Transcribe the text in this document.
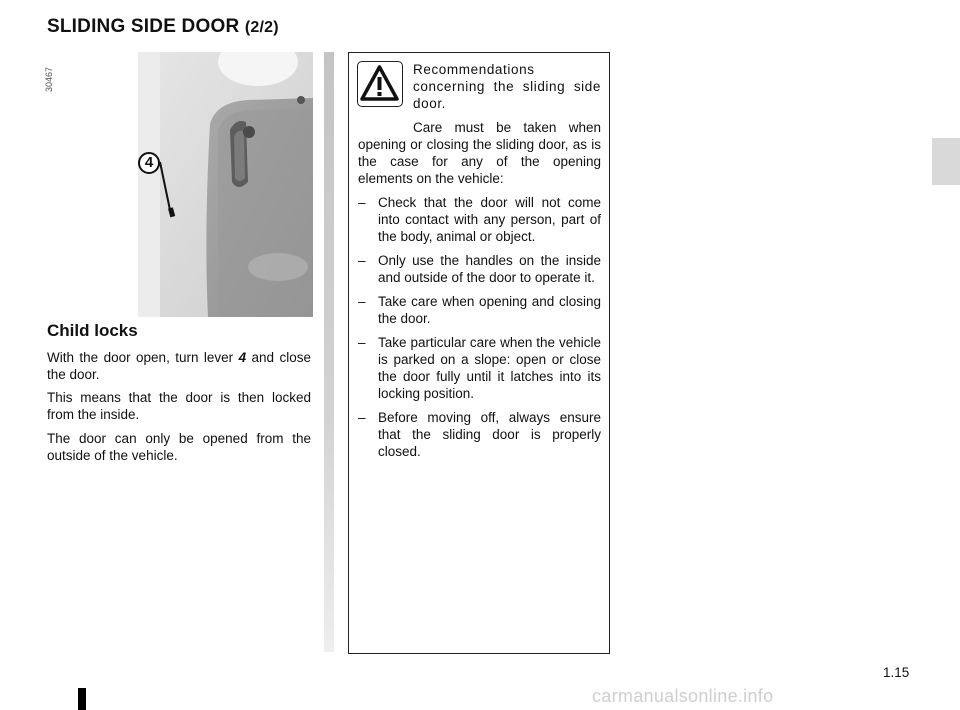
SLIDING SIDE DOOR (2/2)
30467
4
Child locks

With the door open, turn lever 4 and close the door.

This means that the door is then locked from the inside.

The door can only be opened from the outside of the vehicle.

Recommendations concerning the sliding side door.

Care must be taken when opening or closing the sliding door, as is the case for any of the opening elements on the vehicle:

– Check that the door will not come into contact with any person, part of the body, animal or object.

– Only use the handles on the inside and outside of the door to operate it.

– Take care when opening and closing the door.

– Take particular care when the vehicle is parked on a slope: open or close the door fully until it latches into its locking position.

– Before moving off, always ensure that the sliding door is properly closed.

1.15
carmanualsonline.info
